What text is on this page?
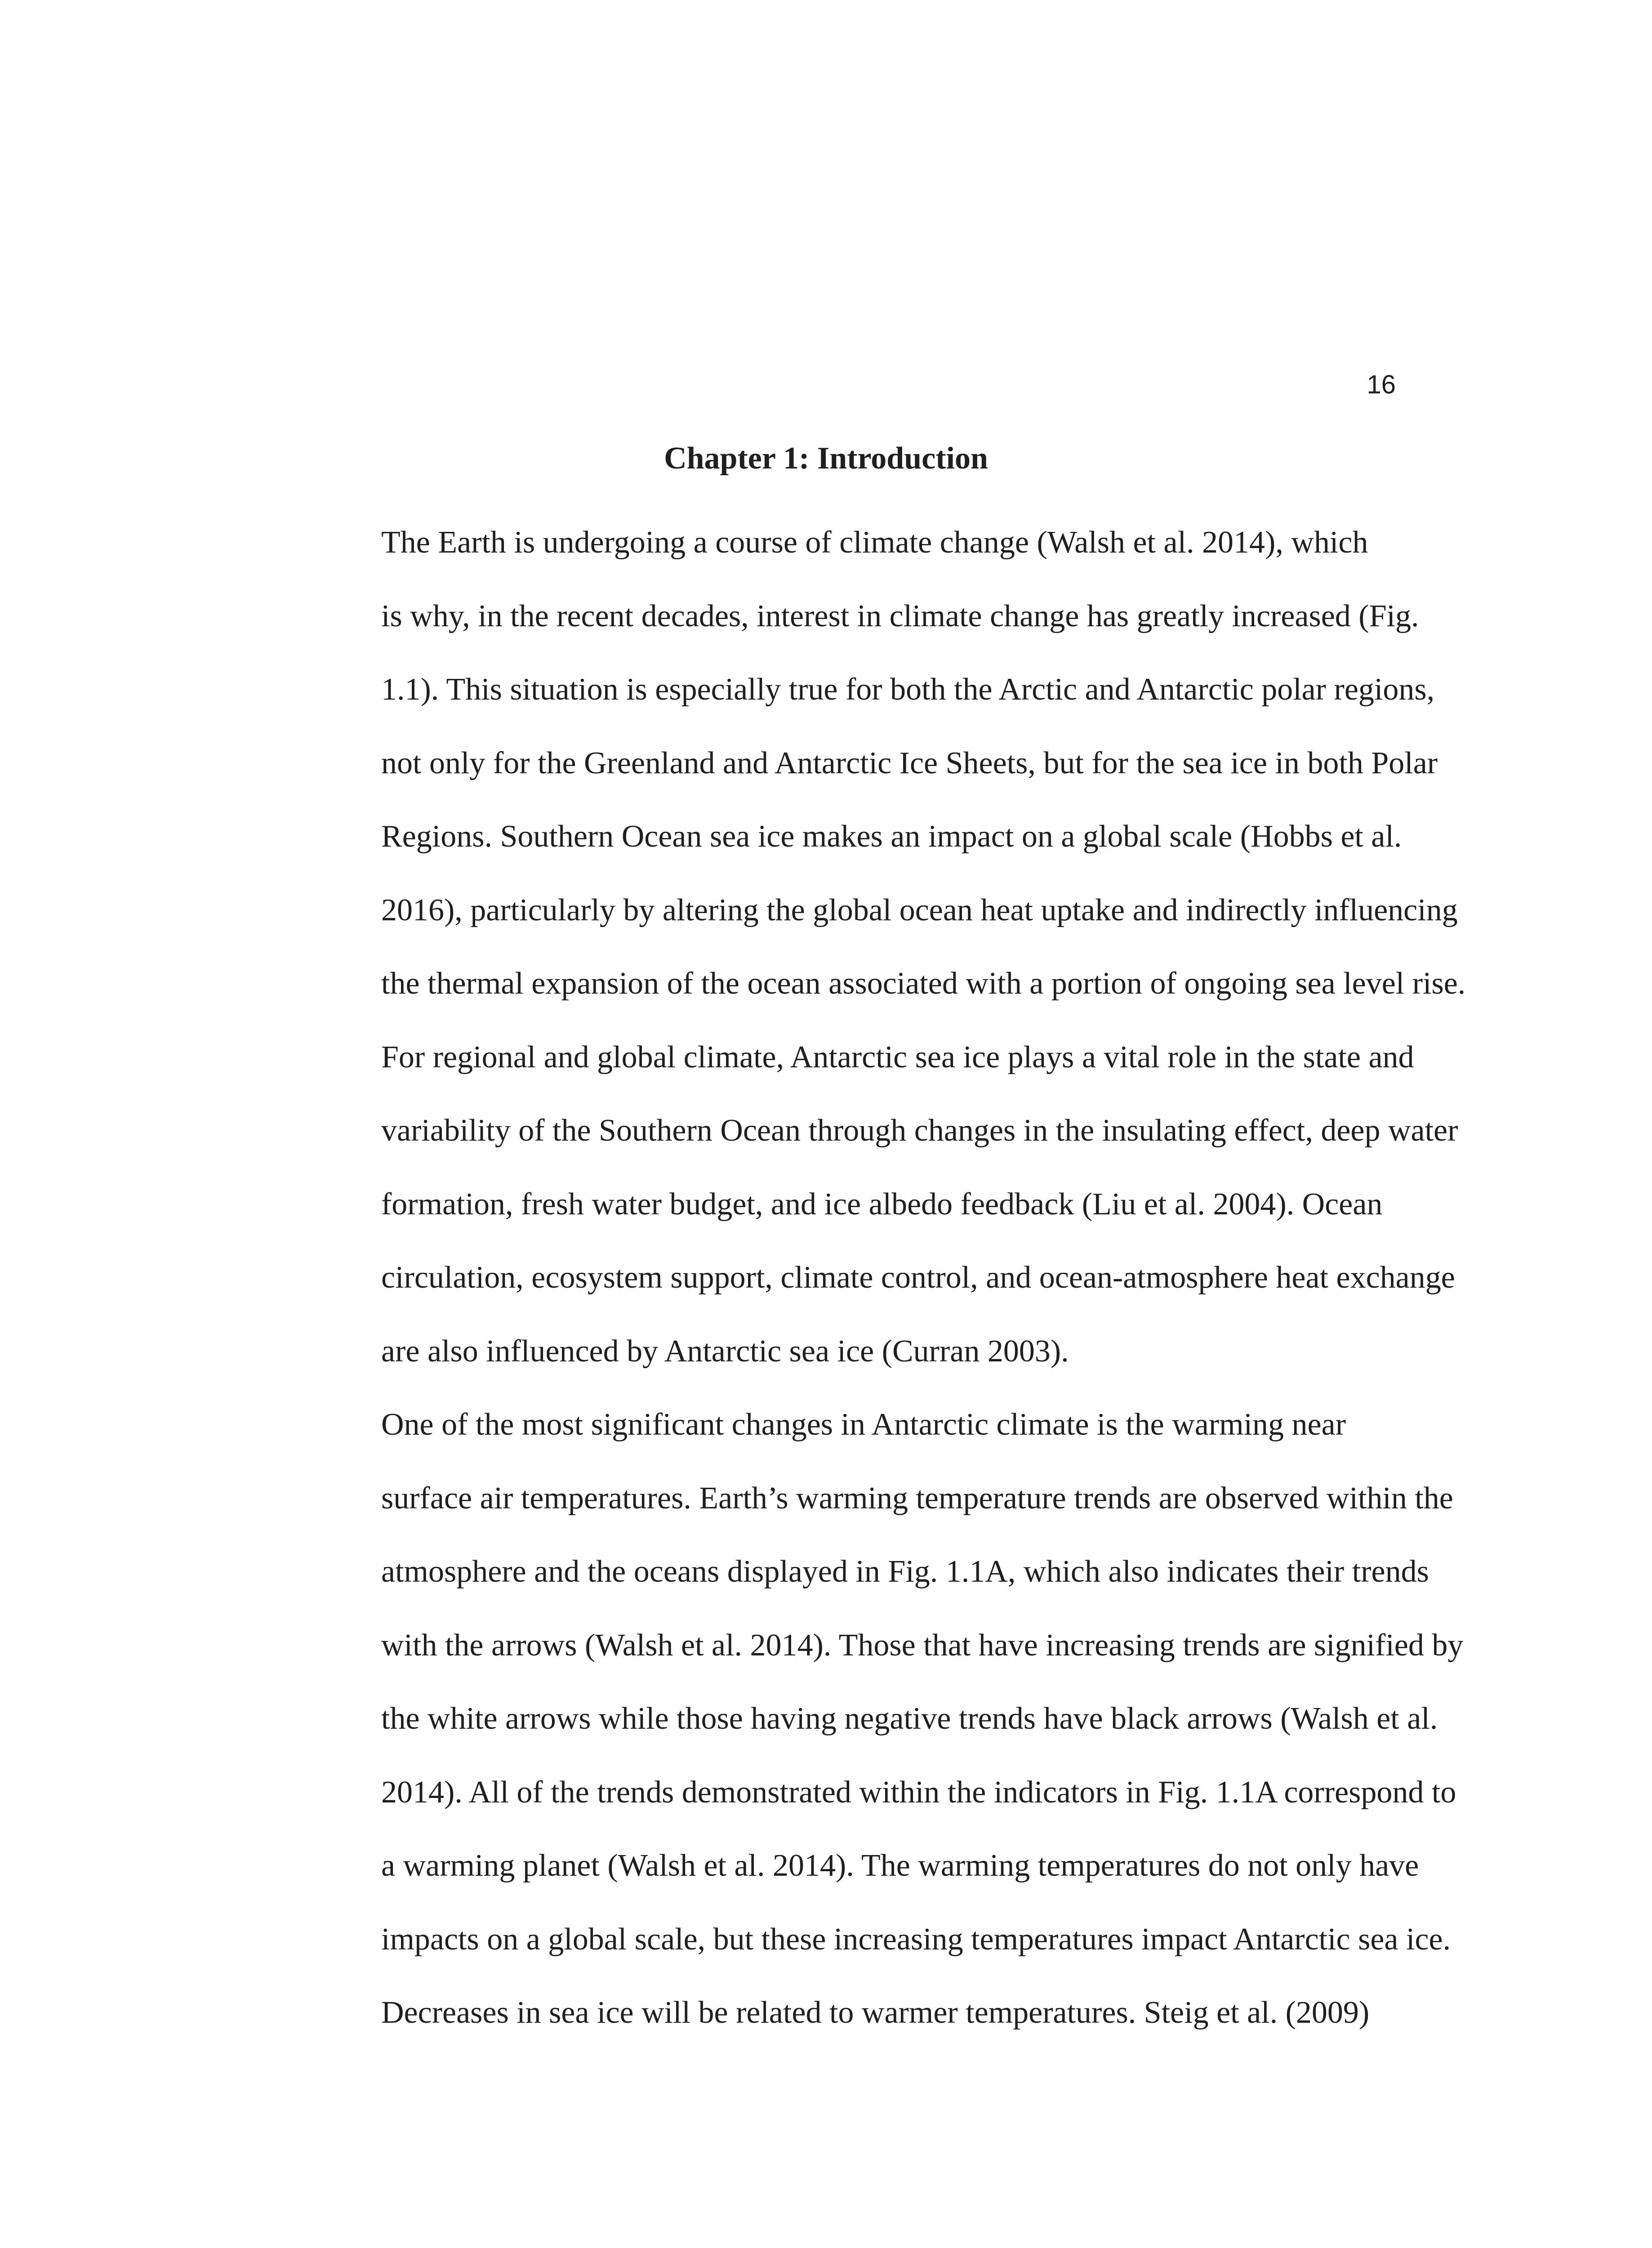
16
Chapter 1: Introduction

The Earth is undergoing a course of climate change (Walsh et al. 2014), which
is why, in the recent decades, interest in climate change has greatly increased (Fig.
1.1). This situation is especially true for both the Arctic and Antarctic polar regions,
not only for the Greenland and Antarctic Ice Sheets, but for the sea ice in both Polar
Regions. Southern Ocean sea ice makes an impact on a global scale (Hobbs et al.
2016), particularly by altering the global ocean heat uptake and indirectly influencing
the thermal expansion of the ocean associated with a portion of ongoing sea level rise.
For regional and global climate, Antarctic sea ice plays a vital role in the state and
variability of the Southern Ocean through changes in the insulating effect, deep water
formation, fresh water budget, and ice albedo feedback (Liu et al. 2004). Ocean
circulation, ecosystem support, climate control, and ocean-atmosphere heat exchange
are also influenced by Antarctic sea ice (Curran 2003).

One of the most significant changes in Antarctic climate is the warming near
surface air temperatures. Earth’s warming temperature trends are observed within the
atmosphere and the oceans displayed in Fig. 1.1A, which also indicates their trends
with the arrows (Walsh et al. 2014). Those that have increasing trends are signified by
the white arrows while those having negative trends have black arrows (Walsh et al.
2014). All of the trends demonstrated within the indicators in Fig. 1.1A correspond to
a warming planet (Walsh et al. 2014). The warming temperatures do not only have
impacts on a global scale, but these increasing temperatures impact Antarctic sea ice.
Decreases in sea ice will be related to warmer temperatures. Steig et al. (2009)
